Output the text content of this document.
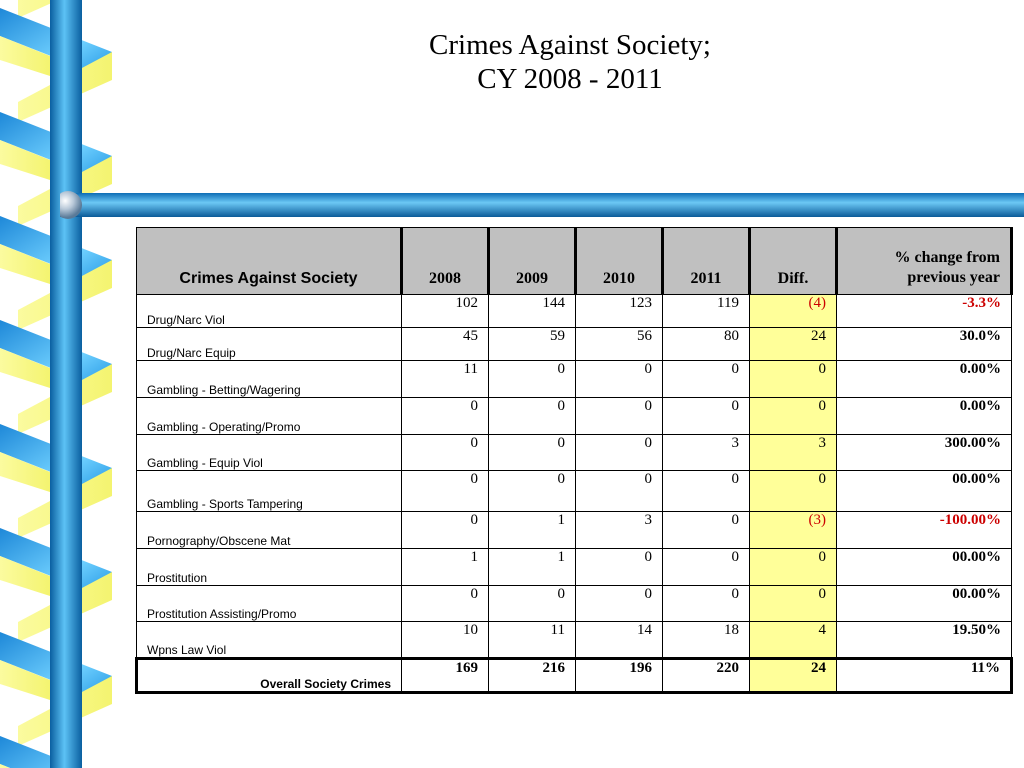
Crimes Against Society;
CY 2008 - 2011
Crimes Against Society	2008	2009	2010	2011	Diff.	% change from
previous year
Drug/Narc Viol	102	144	123	119	(4)	-3.3%
Drug/Narc Equip	45	59	56	80	24	30.0%
Gambling - Betting/Wagering	11	0	0	0	0	0.00%
Gambling - Operating/Promo	0	0	0	0	0	0.00%
Gambling - Equip Viol	0	0	0	3	3	300.00%
Gambling - Sports Tampering	0	0	0	0	0	00.00%
Pornography/Obscene Mat	0	1	3	0	(3)	-100.00%
Prostitution	1	1	0	0	0	00.00%
Prostitution Assisting/Promo	0	0	0	0	0	00.00%
Wpns Law Viol	10	11	14	18	4	19.50%
Overall Society Crimes	169	216	196	220	24	11%
